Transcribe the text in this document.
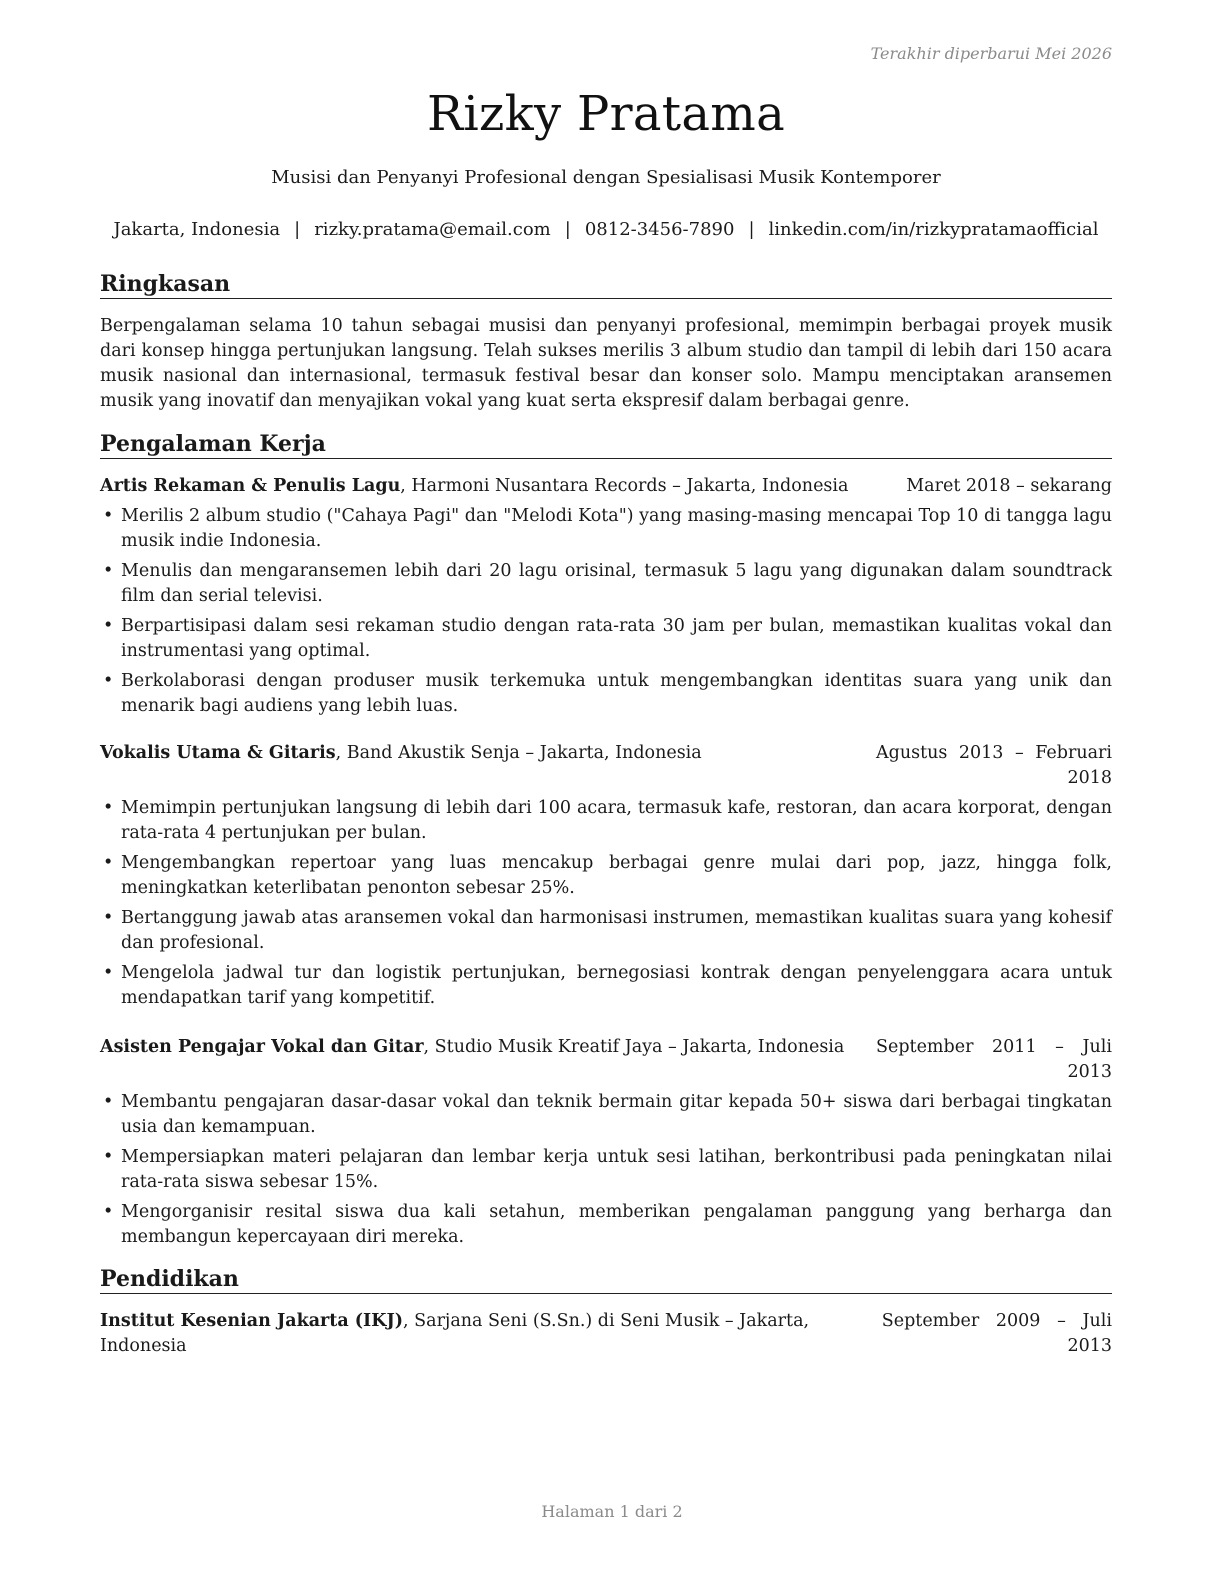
Terakhir diperbarui Mei 2026
Rizky Pratama
Musisi dan Penyanyi Profesional dengan Spesialisasi Musik Kontemporer
Jakarta, Indonesia | rizky.pratama@email.com | 0812-3456-7890 | linkedin.com/in/rizkypratamaofficial
Ringkasan
Berpengalaman selama 10 tahun sebagai musisi dan penyanyi profesional, memimpin berbagai proyek musik dari konsep hingga pertunjukan langsung. Telah sukses merilis 3 album studio dan tampil di lebih dari 150 acara musik nasional dan internasional, termasuk festival besar dan konser solo. Mampu menciptakan aransemen musik yang inovatif dan menyajikan vokal yang kuat serta ekspresif dalam berbagai genre.
Pengalaman Kerja
Artis Rekaman & Penulis Lagu, Harmoni Nusantara Records – Jakarta, Indonesia	Maret 2018 – sekarang
• Merilis 2 album studio ("Cahaya Pagi" dan "Melodi Kota") yang masing-masing mencapai Top 10 di tangga lagu musik indie Indonesia.
• Menulis dan mengaransemen lebih dari 20 lagu orisinal, termasuk 5 lagu yang digunakan dalam soundtrack film dan serial televisi.
• Berpartisipasi dalam sesi rekaman studio dengan rata-rata 30 jam per bulan, memastikan kualitas vokal dan instrumentasi yang optimal.
• Berkolaborasi dengan produser musik terkemuka untuk mengembangkan identitas suara yang unik dan menarik bagi audiens yang lebih luas.
Vokalis Utama & Gitaris, Band Akustik Senja – Jakarta, Indonesia	Agustus 2013 – Februari 2018
• Memimpin pertunjukan langsung di lebih dari 100 acara, termasuk kafe, restoran, dan acara korporat, dengan rata-rata 4 pertunjukan per bulan.
• Mengembangkan repertoar yang luas mencakup berbagai genre mulai dari pop, jazz, hingga folk, meningkatkan keterlibatan penonton sebesar 25%.
• Bertanggung jawab atas aransemen vokal dan harmonisasi instrumen, memastikan kualitas suara yang kohesif dan profesional.
• Mengelola jadwal tur dan logistik pertunjukan, bernegosiasi kontrak dengan penyelenggara acara untuk mendapatkan tarif yang kompetitif.
Asisten Pengajar Vokal dan Gitar, Studio Musik Kreatif Jaya – Jakarta, Indonesia	September 2011 – Juli 2013
• Membantu pengajaran dasar-dasar vokal dan teknik bermain gitar kepada 50+ siswa dari berbagai tingkatan usia dan kemampuan.
• Mempersiapkan materi pelajaran dan lembar kerja untuk sesi latihan, berkontribusi pada peningkatan nilai rata-rata siswa sebesar 15%.
• Mengorganisir resital siswa dua kali setahun, memberikan pengalaman panggung yang berharga dan membangun kepercayaan diri mereka.
Pendidikan
Institut Kesenian Jakarta (IKJ), Sarjana Seni (S.Sn.) di Seni Musik – Jakarta, Indonesia
September 2009 – Juli 2013
Halaman 1 dari 2
